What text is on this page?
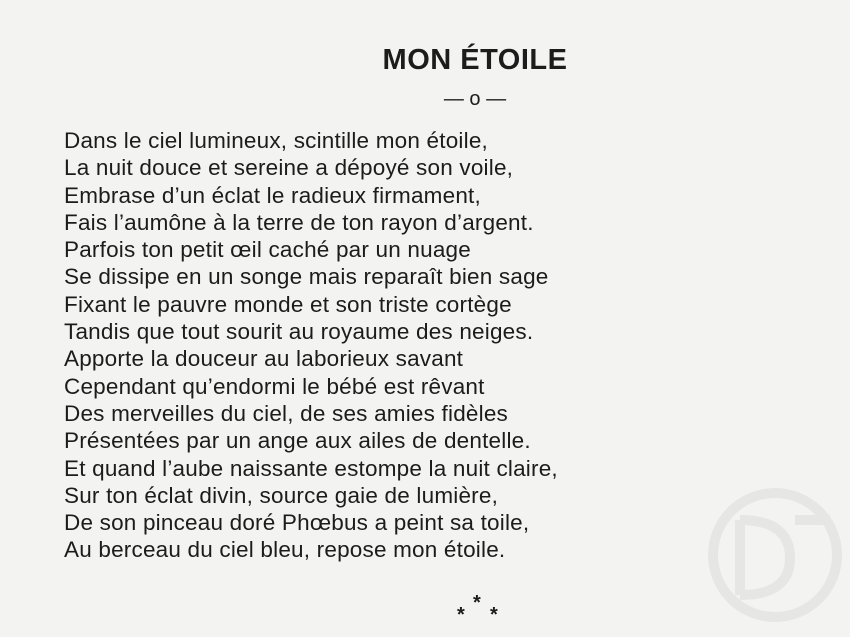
MON ÉTOILE
— o —
Dans le ciel lumineux, scintille mon étoile,
La nuit douce et sereine a dépoyé son voile,
Embrase d’un éclat le radieux firmament,
Fais l’aumône à la terre de ton rayon d’argent.
Parfois ton petit œil caché par un nuage
Se dissipe en un songe mais reparaît bien sage
Fixant le pauvre monde et son triste cortège
Tandis que tout sourit au royaume des neiges.
Apporte la douceur au laborieux savant
Cependant qu’endormi le bébé est rêvant
Des merveilles du ciel, de ses amies fidèles
Présentées par un ange aux ailes de dentelle.
Et quand l’aube naissante estompe la nuit claire,
Sur ton éclat divin, source gaie de lumière,
De son pinceau doré Phœbus a peint sa toile,
Au berceau du ciel bleu, repose mon étoile.
*
* *
